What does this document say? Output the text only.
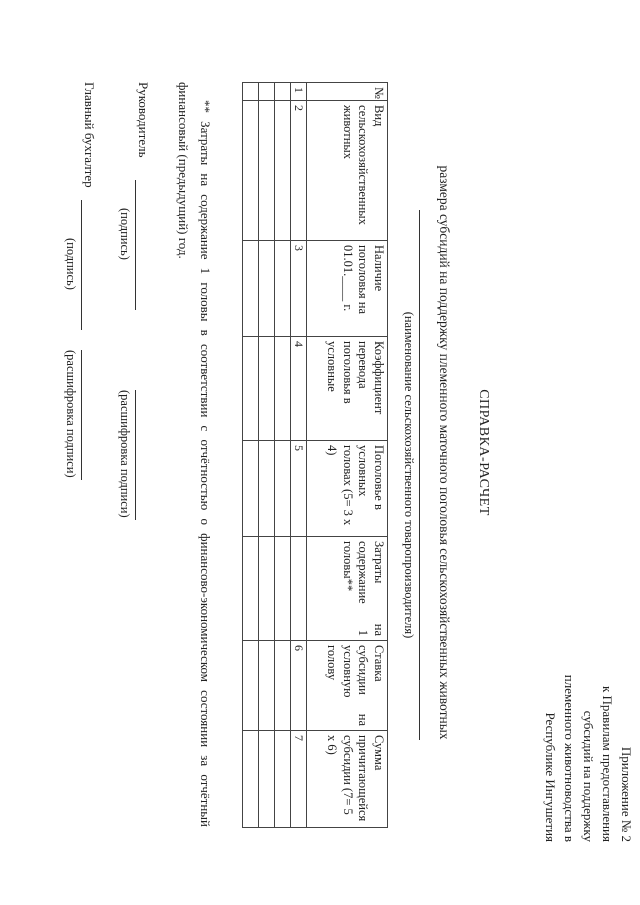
Приложение № 2
к Правилам предоставления
субсидий на поддержку
племенного животноводства в
Республике Ингушетия
СПРАВКА-РАСЧЕТ
размера субсидий на поддержку племенного маточного поголовья сельскохозяйственных животных
(наименование сельскохозяйственного товаропроизводителя)
№	Вид сельскохозяйственных животных	Наличие поголовья на 01.01.____ г.	Коэффициент перевода поголовья в условные	Поголовье в условных головах (5= 3 х 4)	Затраты на содержание 1 головы**	Ставка субсидии на условную голову	Сумма причитающейся субсидии (7= 5 х 6)
1	2	3	4	5		6	7

** Затраты на содержание 1 головы в соответствии с отчётностью о финансово-экономическом состоянии за отчётный финансовый (предыдущий) год.
Руководитель
(подпись)
(расшифровка подписи)
Главный бухгалтер
(подпись)
(расшифровка подписи)
